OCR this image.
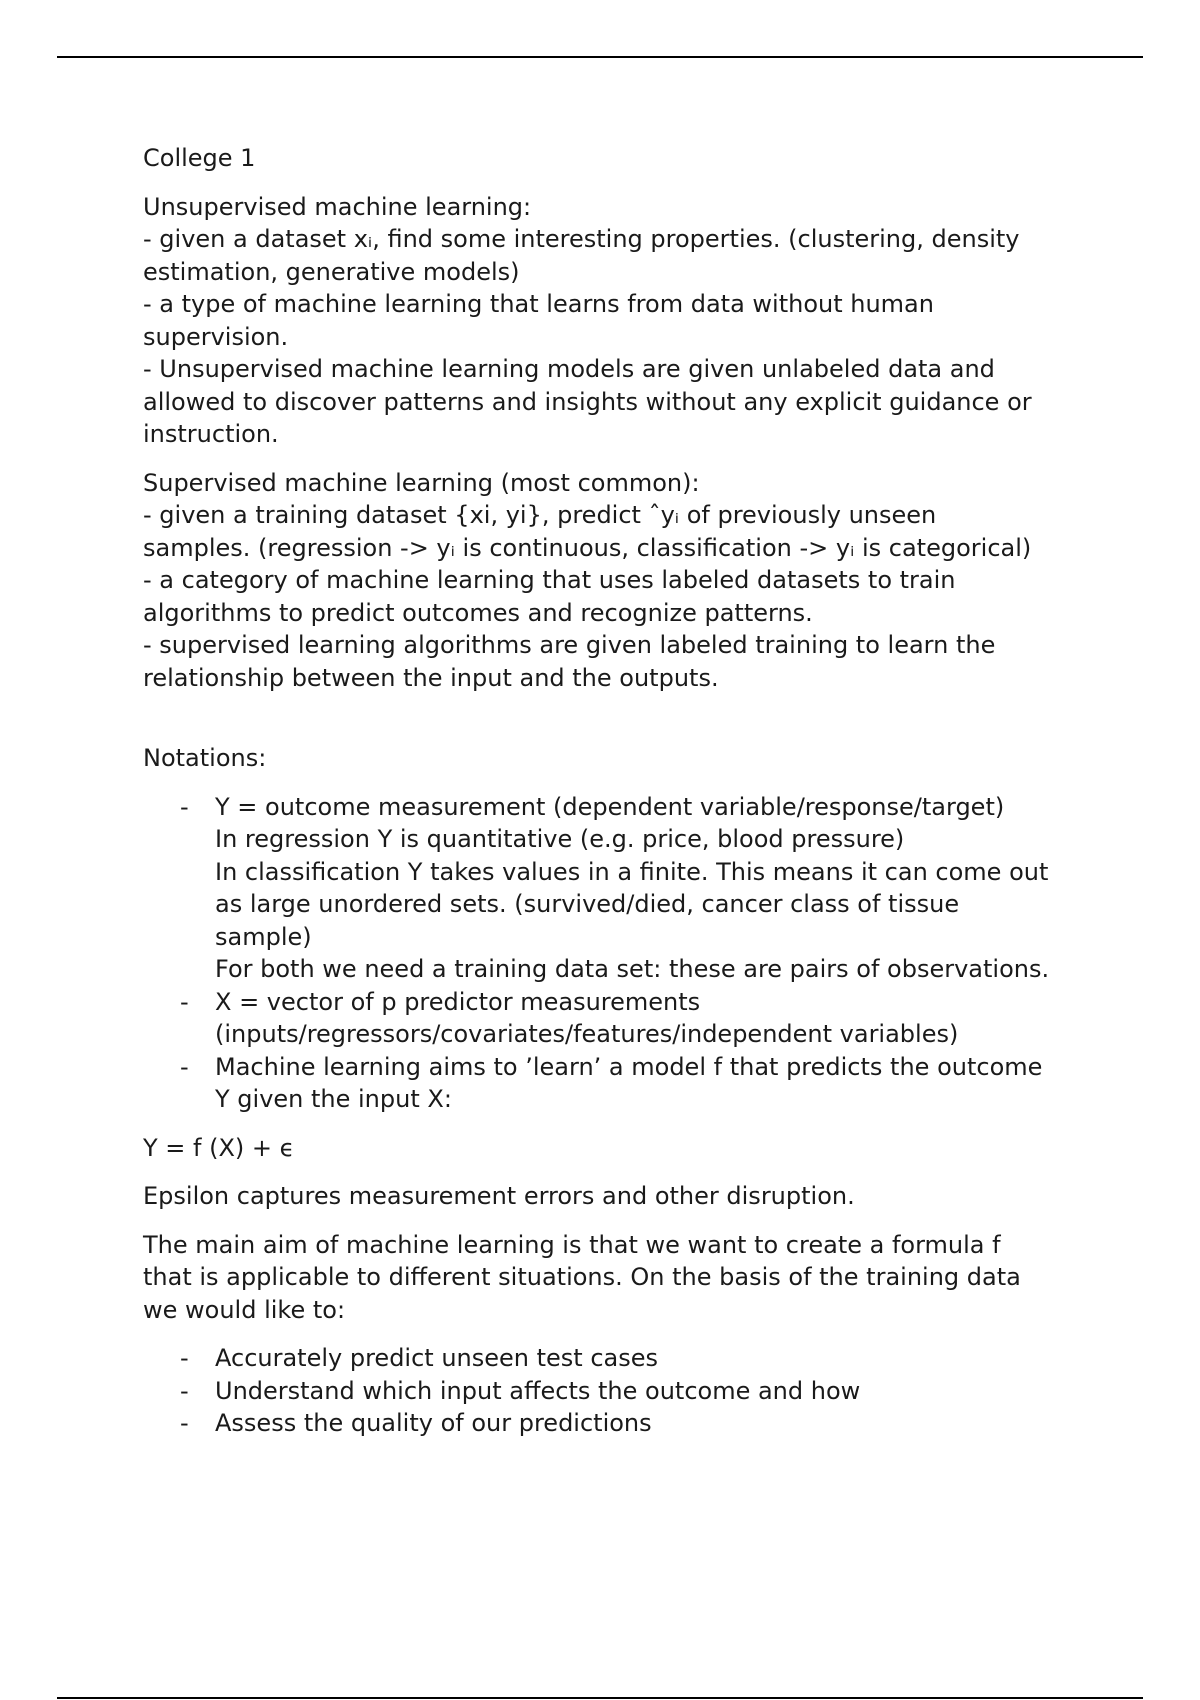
College 1

Unsupervised machine learning:

- given a dataset xᵢ, find some interesting properties. (clustering, density

estimation, generative models)

- a type of machine learning that learns from data without human

supervision.

- Unsupervised machine learning models are given unlabeled data and

allowed to discover patterns and insights without any explicit guidance or

instruction.

Supervised machine learning (most common):

- given a training dataset {xi, yi}, predict ˆyᵢ of previously unseen

samples. (regression -> yᵢ is continuous, classification -> yᵢ is categorical)

- a category of machine learning that uses labeled datasets to train

algorithms to predict outcomes and recognize patterns.

- supervised learning algorithms are given labeled training to learn the

relationship between the input and the outputs.

Notations:

- Y = outcome measurement (dependent variable/response/target)
In regression Y is quantitative (e.g. price, blood pressure)
In classification Y takes values in a finite. This means it can come out
as large unordered sets. (survived/died, cancer class of tissue
sample)
For both we need a training data set: these are pairs of observations.
- X = vector of p predictor measurements
(inputs/regressors/covariates/features/independent variables)
- Machine learning aims to ’learn’ a model f that predicts the outcome
Y given the input X:

Y = f (X) + ϵ

Epsilon captures measurement errors and other disruption.

The main aim of machine learning is that we want to create a formula f

that is applicable to different situations. On the basis of the training data

we would like to:

- Accurately predict unseen test cases
- Understand which input affects the outcome and how
- Assess the quality of our predictions
